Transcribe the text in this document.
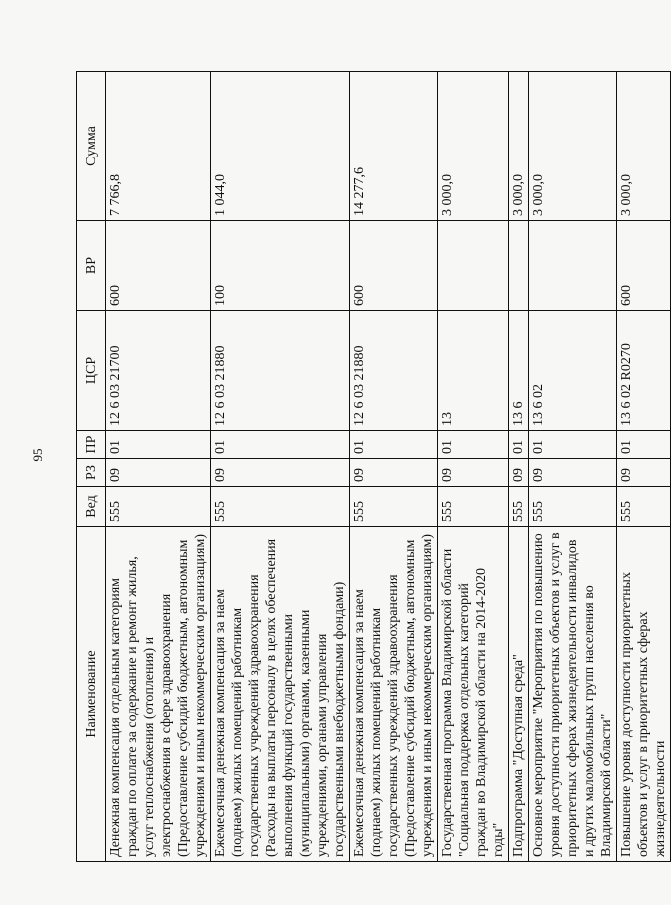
95
Наименование	Вед	РЗ	ПР	ЦСР	ВР	Сумма
Денежная компенсация отдельным категориям граждан по оплате за содержание и ремонт жилья, услуг теплоснабжения (отопления) и электроснабжения в сфере здравоохранения (Предоставление субсидий бюджетным, автономным учреждениям и иным некоммерческим организациям)	555	09	01	12 6 03 21700	600	7 766,8
Ежемесячная денежная компенсация за наем (поднаем) жилых помещений работникам государственных учреждений здравоохранения (Расходы на выплаты персоналу в целях обеспечения выполнения функций государственными (муниципальными) органами, казенными учреждениями, органами управления государственными внебюджетными фондами)	555	09	01	12 6 03 21880	100	1 044,0
Ежемесячная денежная компенсация за наем (поднаем) жилых помещений работникам государственных учреждений здравоохранения (Предоставление субсидий бюджетным, автономным учреждениям и иным некоммерческим организациям)	555	09	01	12 6 03 21880	600	14 277,6
Государственная программа Владимирской области "Социальная поддержка отдельных категорий граждан во Владимирской области на 2014-2020 годы"	555	09	01	13		3 000,0
Подпрограмма "Доступная среда"	555	09	01	13 6		3 000,0
Основное мероприятие "Мероприятия по повышению уровня доступности приоритетных объектов и услуг в приоритетных сферах жизнедеятельности инвалидов и других маломобильных групп населения во Владимирской области"	555	09	01	13 6 02		3 000,0
Повышение уровня доступности приоритетных объектов и услуг в приоритетных сферах жизнедеятельности	555	09	01	13 6 02 R0270	600	3 000,0
